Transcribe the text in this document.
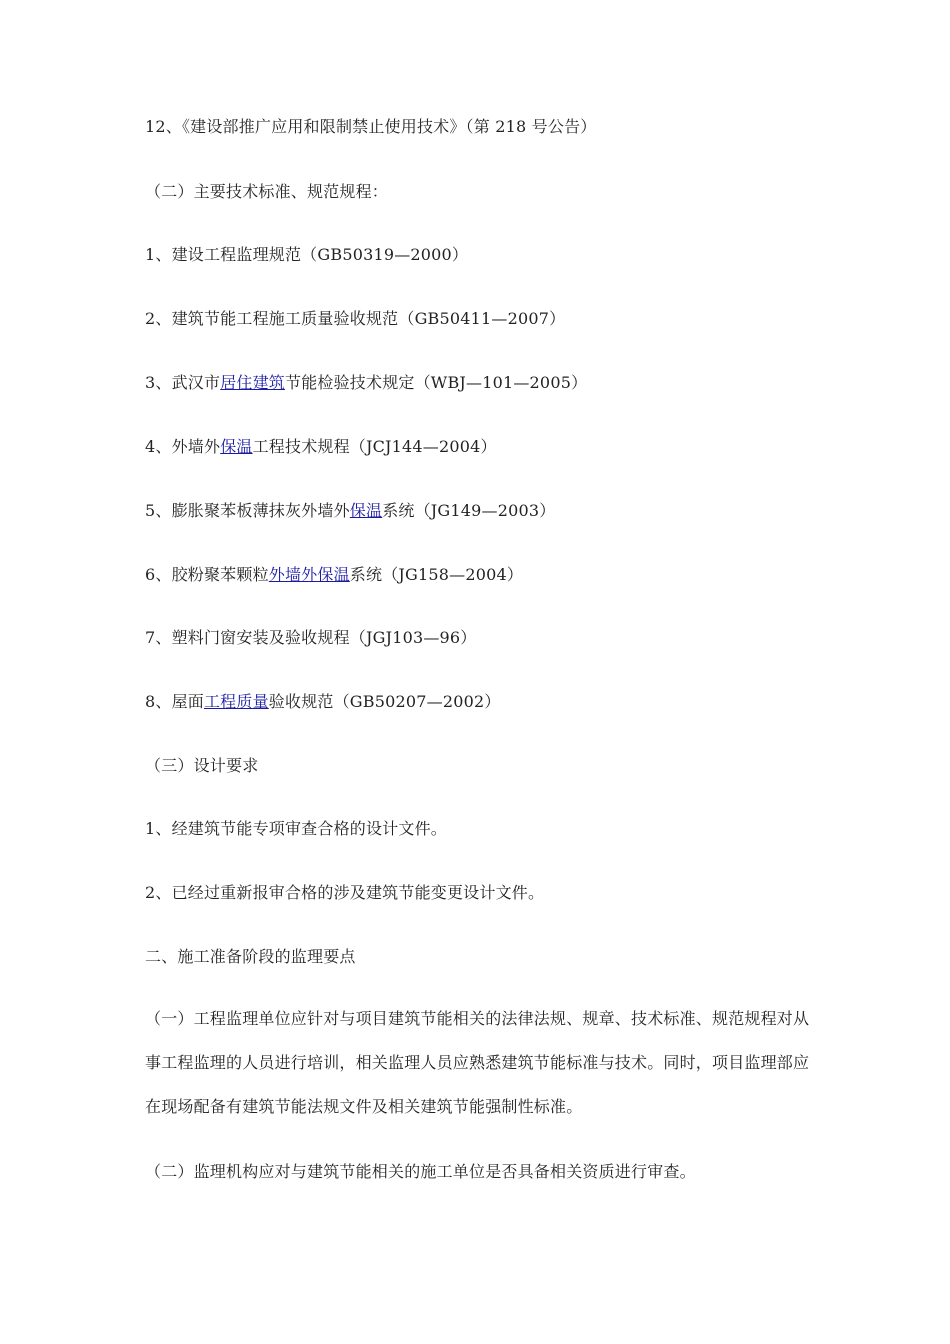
12、《建设部推广应用和限制禁止使用技术》（第 218 号公告）

（二）主要技术标准、规范规程：

1、建设工程监理规范（GB50319—2000）

2、建筑节能工程施工质量验收规范（GB50411—2007）

3、武汉市居住建筑节能检验技术规定（WBJ—101—2005）

4、外墙外保温工程技术规程（JCJ144—2004）

5、膨胀聚苯板薄抹灰外墙外保温系统（JG149—2003）

6、胶粉聚苯颗粒外墙外保温系统（JG158—2004）

7、塑料门窗安装及验收规程（JGJ103—96）

8、屋面工程质量验收规范（GB50207—2002）

（三）设计要求

1、经建筑节能专项审查合格的设计文件。

2、已经过重新报审合格的涉及建筑节能变更设计文件。

二、施工准备阶段的监理要点

（一）工程监理单位应针对与项目建筑节能相关的法律法规、规章、技术标准、规范规程对从事工程监理的人员进行培训，相关监理人员应熟悉建筑节能标准与技术。同时，项目监理部应在现场配备有建筑节能法规文件及相关建筑节能强制性标准。

（二）监理机构应对与建筑节能相关的施工单位是否具备相关资质进行审查。
